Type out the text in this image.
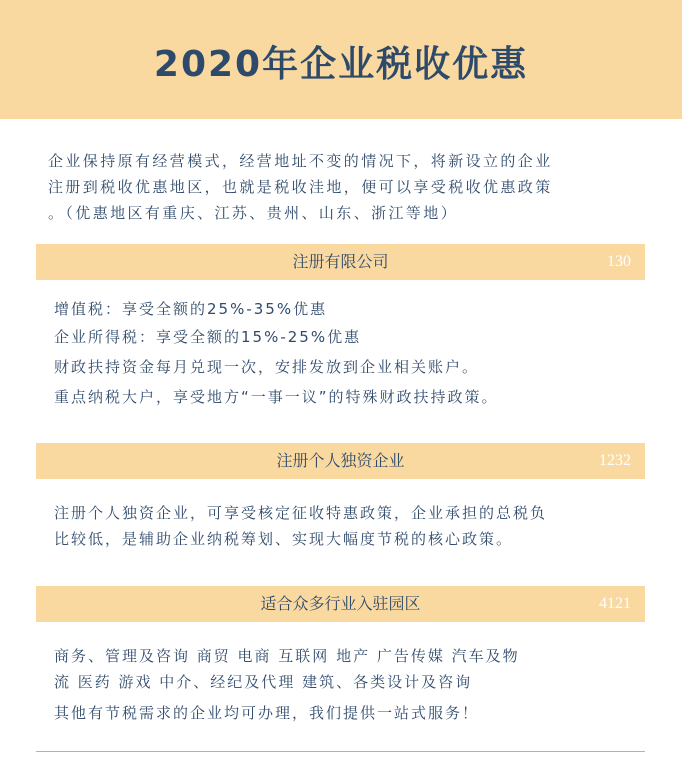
2020年企业税收优惠
企业保持原有经营模式，经营地址不变的情况下，将新设立的企业
注册到税收优惠地区，也就是税收洼地，便可以享受税收优惠政策
。（优惠地区有重庆、江苏、贵州、山东、浙江等地）
注册有限公司	130
增值税：享受全额的25%-35%优惠
企业所得税：享受全额的15%-25%优惠
财政扶持资金每月兑现一次，安排发放到企业相关账户。
重点纳税大户，享受地方“一事一议”的特殊财政扶持政策。
注册个人独资企业	1232
注册个人独资企业，可享受核定征收特惠政策，企业承担的总税负
比较低，是辅助企业纳税筹划、实现大幅度节税的核心政策。
适合众多行业入驻园区	4121
商务、管理及咨询 商贸 电商 互联网 地产 广告传媒 汽车及物
流 医药 游戏 中介、经纪及代理 建筑、各类设计及咨询
其他有节税需求的企业均可办理，我们提供一站式服务！
